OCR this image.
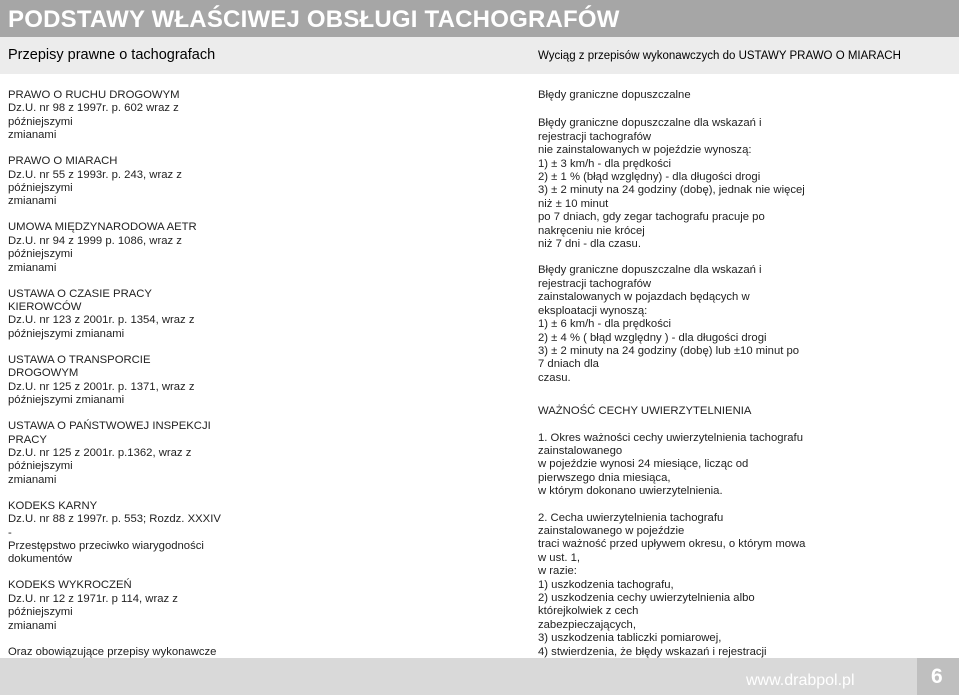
PODSTAWY WŁAŚCIWEJ OBSŁUGI TACHOGRAFÓW
Przepisy prawne o tachografach	Wyciąg z przepisów wykonawczych do USTAWY PRAWO O MIARACH
PRAWO O RUCHU DROGOWYM
Dz.U. nr 98 z 1997r. p. 602 wraz z późniejszymi
zmianami
PRAWO O MIARACH
Dz.U. nr 55 z 1993r. p. 243, wraz z późniejszymi
zmianami
UMOWA MIĘDZYNARODOWA AETR
Dz.U. nr 94 z 1999 p. 1086, wraz z późniejszymi
zmianami
USTAWA O CZASIE PRACY KIEROWCÓW
Dz.U. nr 123 z 2001r. p. 1354, wraz z
późniejszymi zmianami
USTAWA O TRANSPORCIE DROGOWYM
Dz.U. nr 125 z 2001r. p. 1371, wraz z
późniejszymi zmianami
USTAWA O PAŃSTWOWEJ INSPEKCJI PRACY
Dz.U. nr 125 z 2001r. p.1362, wraz z późniejszymi
zmianami
KODEKS KARNY
Dz.U. nr 88 z 1997r. p. 553; Rozdz. XXXIV -
Przestępstwo przeciwko wiarygodności
dokumentów
KODEKS WYKROCZEŃ
Dz.U. nr 12 z 1971r. p 114, wraz z późniejszymi
zmianami
Oraz obowiązujące przepisy wykonawcze
Błędy graniczne dopuszczalne
Błędy graniczne dopuszczalne dla wskazań i rejestracji tachografów
nie zainstalowanych w pojeździe wynoszą:
1) ± 3 km/h - dla prędkości
2) ± 1 % (błąd względny) - dla długości drogi
3) ± 2 minuty na 24 godziny (dobę), jednak nie więcej niż ± 10 minut
po 7 dniach, gdy zegar tachografu pracuje po nakręceniu nie krócej
niż 7 dni - dla czasu.
Błędy graniczne dopuszczalne dla wskazań i rejestracji tachografów
zainstalowanych w pojazdach będących w eksploatacji wynoszą:
1) ± 6 km/h - dla prędkości
2) ± 4 % ( błąd względny ) - dla długości drogi
3) ± 2 minuty na 24 godziny (dobę) lub ±10 minut po 7 dniach dla
czasu.
WAŻNOŚĆ CECHY UWIERZYTELNIENIA
1. Okres ważności cechy uwierzytelnienia tachografu zainstalowanego
w pojeździe wynosi 24 miesiące, licząc od pierwszego dnia miesiąca,
w którym dokonano uwierzytelnienia.
2. Cecha uwierzytelnienia tachografu zainstalowanego w pojeździe
traci ważność przed upływem okresu, o którym mowa w ust. 1,
w razie:
1) uszkodzenia tachografu,
2) uszkodzenia cechy uwierzytelnienia albo którejkolwiek z cech
zabezpieczających,
3) uszkodzenia tabliczki pomiarowej,
4) stwierdzenia, że błędy wskazań i rejestracji
www.drabpol.pl	6
